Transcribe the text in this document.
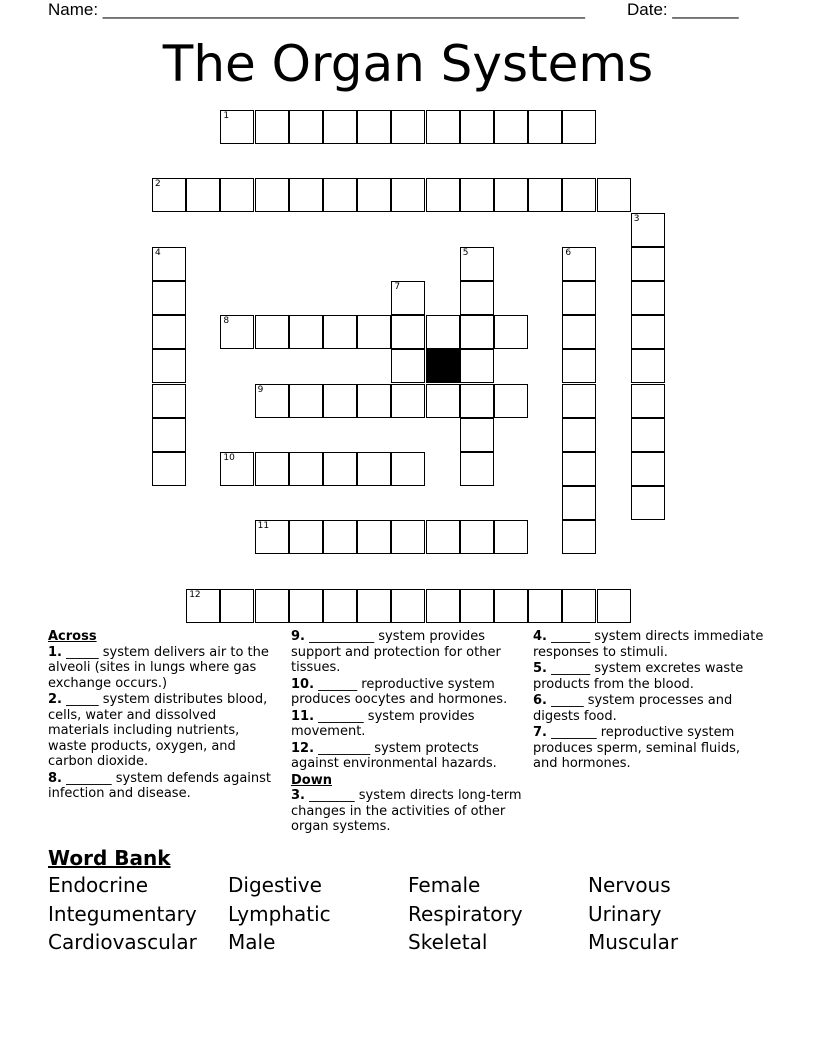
Name: ___________________________________________________ Date: _______
The Organ Systems
1
2
3
4	5	6
7
8
9
10
11
12
Across
1. _____ system delivers air to the alveoli (sites in lungs where gas exchange occurs.)
2. _____ system distributes blood, cells, water and dissolved materials including nutrients, waste products, oxygen, and carbon dioxide.
8. _______ system defends against infection and disease.
9. __________ system provides support and protection for other tissues.
10. ______ reproductive system produces oocytes and hormones.
11. _______ system provides movement.
12. ________ system protects against environmental hazards.
Down
3. _______ system directs long-term changes in the activities of other organ systems.
4. ______ system directs immediate responses to stimuli.
5. ______ system excretes waste products from the blood.
6. _____ system processes and digests food.
7. _______ reproductive system produces sperm, seminal fluids, and hormones.
Word Bank
Endocrine	Digestive	Female	Nervous
Integumentary Lymphatic	Respiratory	Urinary
Cardiovascular Male	Skeletal	Muscular
